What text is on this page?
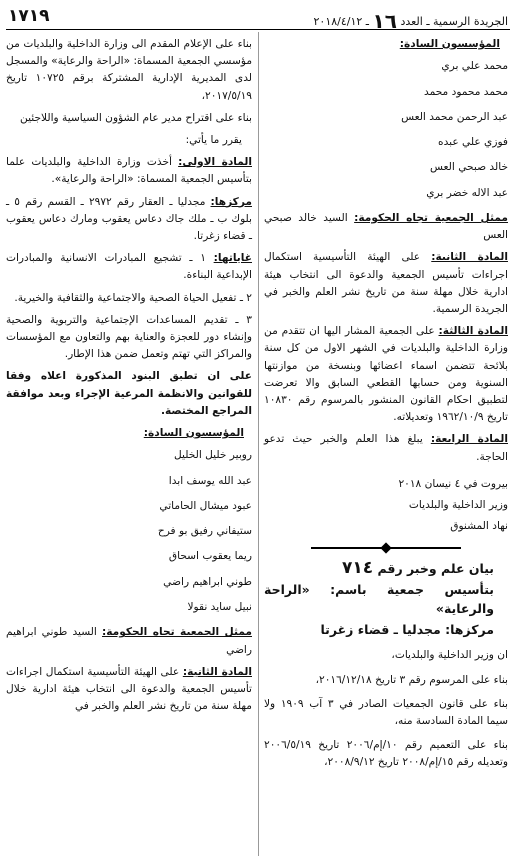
الجريدة الرسمية ـ العدد ١٦ ـ ٢٠١٨/٤/١٢
١٧١٩

المؤسسون السادة:

محمد علي بري

محمد محمود محمد

عبد الرحمن محمد العس

فوزي علي عبده

خالد صبحي العس

عبد الاله خضر بري

ممثل الجمعية تجاه الحكومة: السيد خالد صبحي العس

المادة الثانية: على الهيئة التأسيسية استكمال اجراءات تأسيس الجمعية والدعوة الى انتخاب هيئة ادارية خلال مهلة سنة من تاريخ نشر العلم والخبر في الجريدة الرسمية.

المادة الثالثة: على الجمعية المشار اليها ان تتقدم من وزارة الداخلية والبلديات في الشهر الاول من كل سنة بلائحة تتضمن اسماء اعضائها وبنسخة من موازنتها السنوية ومن حسابها القطعي السابق والا تعرضت لتطبيق احكام القانون المنشور بالمرسوم رقم ١٠٨٣٠ تاريخ ١٩٦٢/١٠/٩ وتعديلاته.

المادة الرابعة: يبلغ هذا العلم والخبر حيث تدعو الحاجة.

بيروت في ٤ نيسان ٢٠١٨

وزير الداخلية والبلديات

نهاد المشنوق

بيان علم وخبر رقم ٧١٤

بتأسيس جمعية باسم: «الراحة والرعاية»

مركزها: مجدليا ـ قضاء زغرتا

ان وزير الداخلية والبلديات،

بناء على المرسوم رقم ٣ تاريخ ٢٠١٦/١٢/١٨،

بناء على قانون الجمعيات الصادر في ٣ آب ١٩٠٩ ولا سيما المادة السادسة منه،

بناء على التعميم رقم ١٠/إم/٢٠٠٦ تاريخ ٢٠٠٦/٥/١٩ وتعديله رقم ١٥/إم/٢٠٠٨ تاريخ ٢٠٠٨/٩/١٢،

بناء على الإعلام المقدم الى وزارة الداخلية والبلديات من مؤسسي الجمعية المسماة: «الراحة والرعاية» والمسجل لدى المديرية الإدارية المشتركة برقم ١٠٧٢٥ تاريخ ٢٠١٧/٥/١٩،

بناء على اقتراح مدير عام الشؤون السياسية واللاجئين

يقرر ما يأتي:

المادة الاولى: أخذت وزارة الداخلية والبلديات علما بتأسيس الجمعية المسماة: «الراحة والرعاية».

مركزها: مجدليا ـ العقار رقم ٢٩٧٢ ـ القسم رقم ٥ ـ بلوك ب ـ ملك جاك دعاس يعقوب ومارك دعاس يعقوب ـ قضاء زغرتا.

غاياتها: ١ ـ تشجيع المبادرات الانسانية والمبادرات الإبداعية البناءة.

٢ ـ تفعيل الحياة الصحية والاجتماعية والثقافية والخيرية.

٣ ـ تقديم المساعدات الإجتماعية والتربوية والصحية وإنشاء دور للعجزة والعناية بهم والتعاون مع المؤسسات والمراكز التي تهتم وتعمل ضمن هذا الإطار.

على ان تطبق البنود المذكورة اعلاه وفقا للقوانين والانظمة المرعية الإجراء وبعد موافقة المراجع المختصة.

المؤسسون السادة:

روبير خليل الخليل

عبد الله يوسف ابدا

عبود ميشال الحاماتي

ستيفاني رفيق بو فرح

ريما يعقوب اسحاق

طوني ابراهيم راضي

نبيل سايد نقولا

ممثل الجمعية تجاه الحكومة: السيد طوني ابراهيم راضي

المادة الثانية: على الهيئة التأسيسية استكمال اجراءات تأسيس الجمعية والدعوة الى انتخاب هيئة ادارية خلال مهلة سنة من تاريخ نشر العلم والخبر في
